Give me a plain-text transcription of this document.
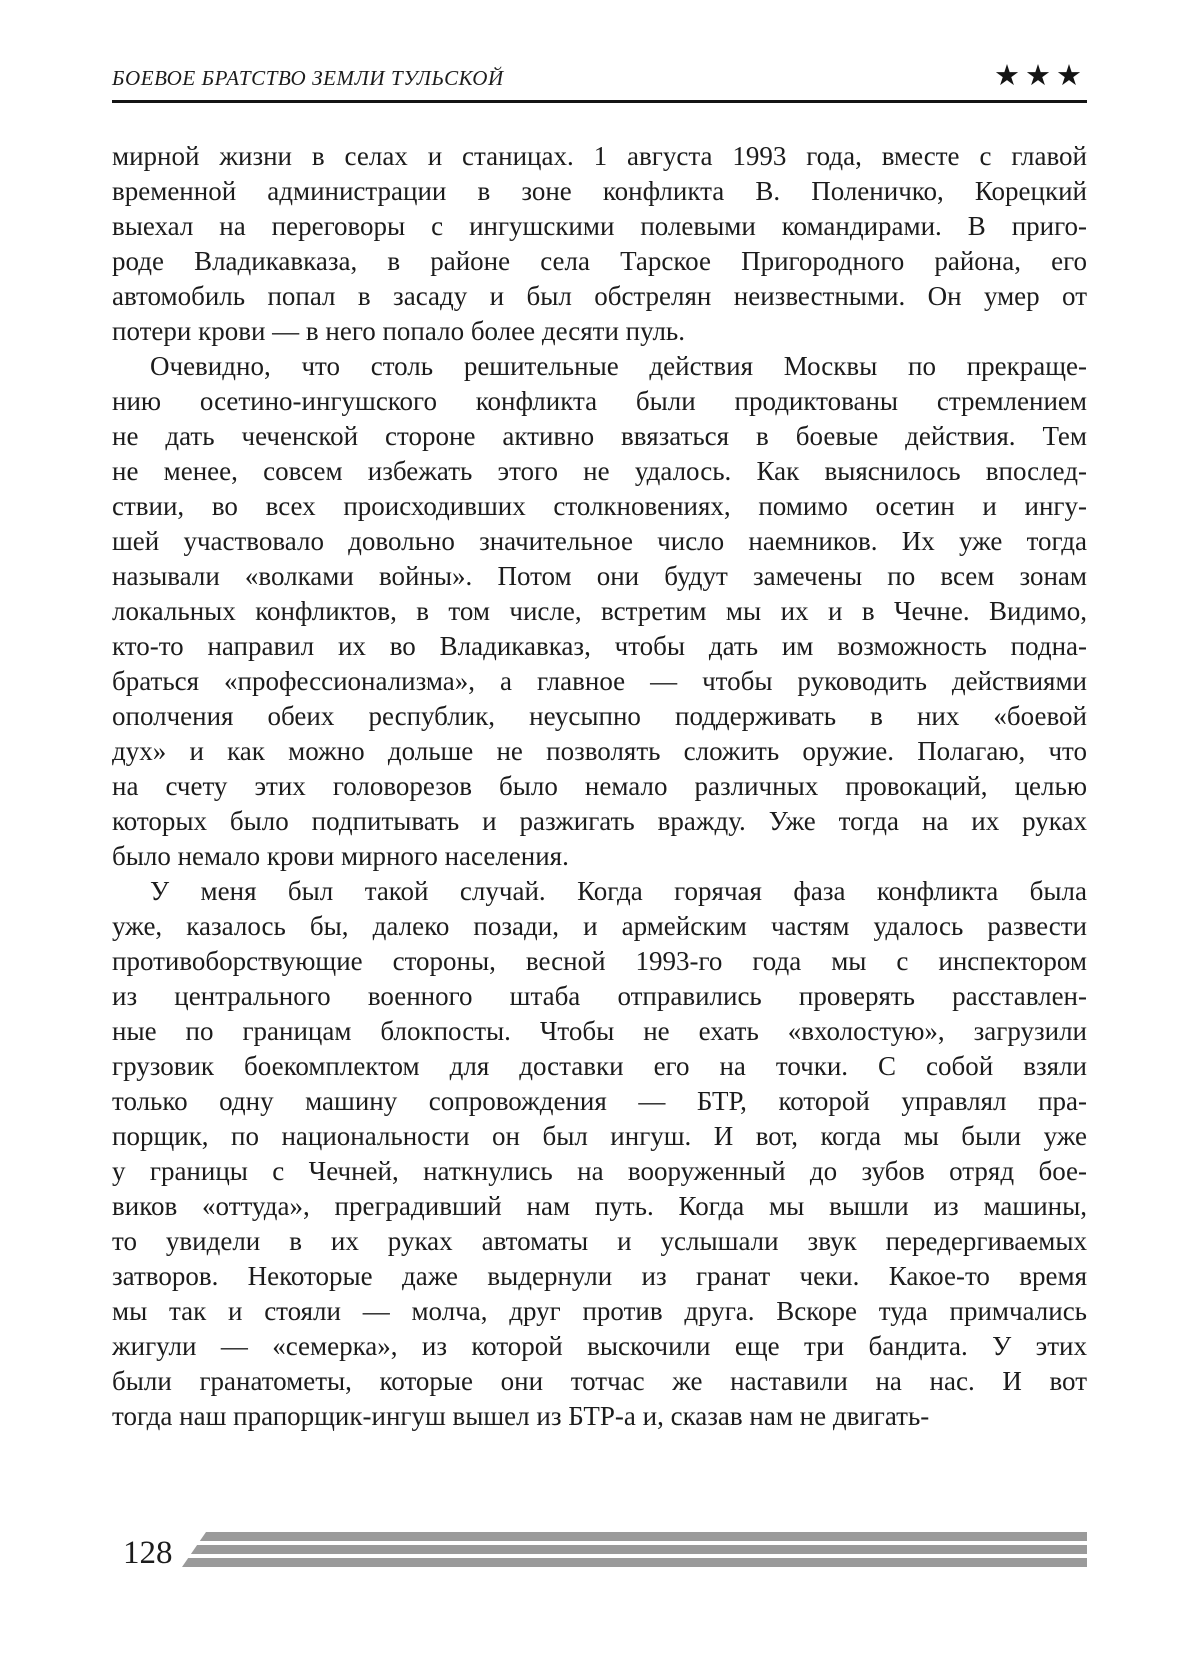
БОЕВОЕ БРАТСТВО ЗЕМЛИ ТУЛЬСКОЙ	★★★
мирной жизни в селах и станицах. 1 августа 1993 года, вместе с главой
временной администрации в зоне конфликта В. Поленичко, Корецкий
выехал на переговоры с ингушскими полевыми командирами. В приго-
роде Владикавказа, в районе села Тарское Пригородного района, его
автомобиль попал в засаду и был обстрелян неизвестными. Он умер от
потери крови — в него попало более десяти пуль.
Очевидно, что столь решительные действия Москвы по прекраще-
нию осетино-ингушского конфликта были продиктованы стремлением
не дать чеченской стороне активно ввязаться в боевые действия. Тем
не менее, совсем избежать этого не удалось. Как выяснилось впослед-
ствии, во всех происходивших столкновениях, помимо осетин и ингу-
шей участвовало довольно значительное число наемников. Их уже тогда
называли «волками войны». Потом они будут замечены по всем зонам
локальных конфликтов, в том числе, встретим мы их и в Чечне. Видимо,
кто-то направил их во Владикавказ, чтобы дать им возможность подна-
браться «профессионализма», а главное — чтобы руководить действиями
ополчения обеих республик, неусыпно поддерживать в них «боевой
дух» и как можно дольше не позволять сложить оружие. Полагаю, что
на счету этих головорезов было немало различных провокаций, целью
которых было подпитывать и разжигать вражду. Уже тогда на их руках
было немало крови мирного населения.
У меня был такой случай. Когда горячая фаза конфликта была
уже, казалось бы, далеко позади, и армейским частям удалось развести
противоборствующие стороны, весной 1993-го года мы с инспектором
из центрального военного штаба отправились проверять расставлен-
ные по границам блокпосты. Чтобы не ехать «вхолостую», загрузили
грузовик боекомплектом для доставки его на точки. С собой взяли
только одну машину сопровождения — БТР, которой управлял пра-
порщик, по национальности он был ингуш. И вот, когда мы были уже
у границы с Чечней, наткнулись на вооруженный до зубов отряд бое-
виков «оттуда», преградивший нам путь. Когда мы вышли из машины,
то увидели в их руках автоматы и услышали звук передергиваемых
затворов. Некоторые даже выдернули из гранат чеки. Какое-то время
мы так и стояли — молча, друг против друга. Вскоре туда примчались
жигули — «семерка», из которой выскочили еще три бандита. У этих
были гранатометы, которые они тотчас же наставили на нас. И вот
тогда наш прапорщик-ингуш вышел из БТР-а и, сказав нам не двигать-
128
